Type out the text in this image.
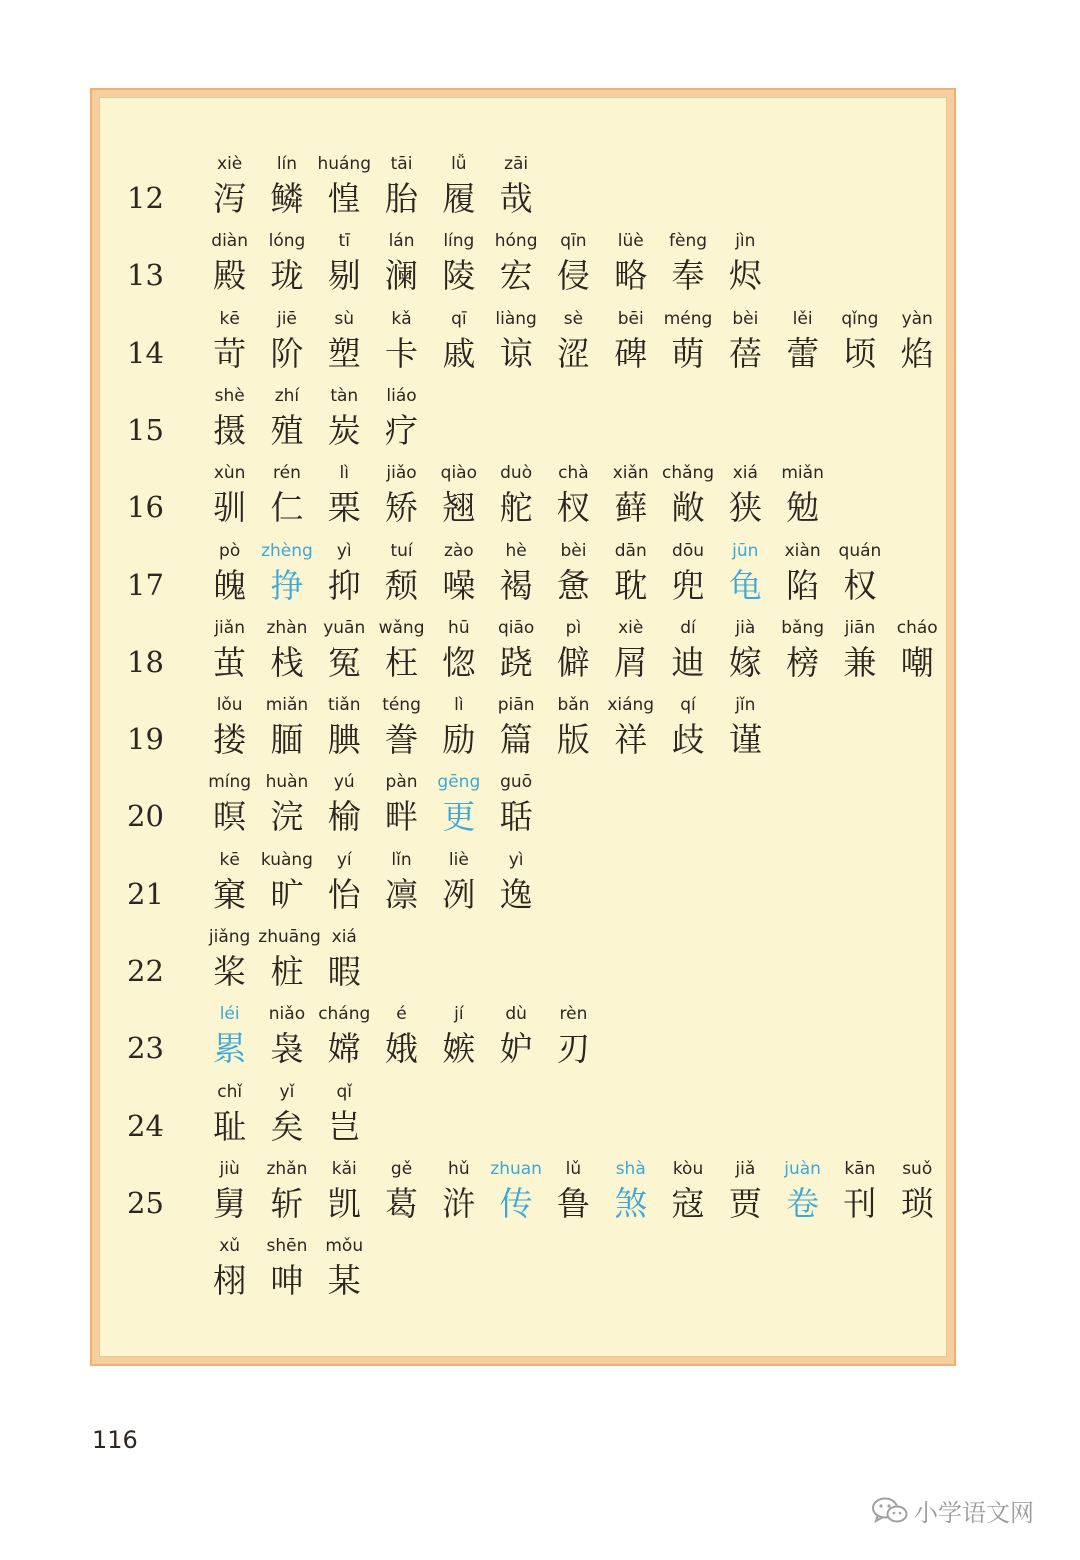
12
xiè
泻
lín
鳞
huáng
惶
tāi
胎
lǚ
履
zāi
哉
13
diàn
殿
lóng
珑
tī
剔
lán
澜
líng
陵
hóng
宏
qīn
侵
lüè
略
fèng
奉
jìn
烬
14
kē
苛
jiē
阶
sù
塑
kǎ
卡
qī
戚
liàng
谅
sè
涩
bēi
碑
méng
萌
bèi
蓓
lěi
蕾
qǐng
顷
yàn
焰
15
shè
摄
zhí
殖
tàn
炭
liáo
疗
16
xùn
驯
rén
仁
lì
栗
jiǎo
矫
qiào
翘
duò
舵
chà
杈
xiǎn
藓
chǎng
敞
xiá
狭
miǎn
勉
17
pò
魄
zhèng
挣
yì
抑
tuí
颓
zào
噪
hè
褐
bèi
惫
dān
耽
dōu
兜
jūn
龟
xiàn
陷
quán
权
18
jiǎn
茧
zhàn
栈
yuān
冤
wǎng
枉
hū
惚
qiāo
跷
pì
僻
xiè
屑
dí
迪
jià
嫁
bǎng
榜
jiān
兼
cháo
嘲
19
lǒu
搂
miǎn
腼
tiǎn
腆
téng
誊
lì
励
piān
篇
bǎn
版
xiáng
祥
qí
歧
jǐn
谨
20
míng
暝
huàn
浣
yú
榆
pàn
畔
gēng
更
guō
聒
21
kē
窠
kuàng
旷
yí
怡
lǐn
凛
liè
冽
yì
逸
22
jiǎng
桨
zhuāng
桩
xiá
暇
23
léi
累
niǎo
袅
cháng
嫦
é
娥
jí
嫉
dù
妒
rèn
刃
24
chǐ
耻
yǐ
矣
qǐ
岂
25
jiù
舅
zhǎn
斩
kǎi
凯
gě
葛
hǔ
浒
zhuan
传
lǔ
鲁
shà
煞
kòu
寇
jiǎ
贾
juàn
卷
kān
刊
suǒ
琐
xǔ
栩
shēn
呻
mǒu
某
116
小学语文网
